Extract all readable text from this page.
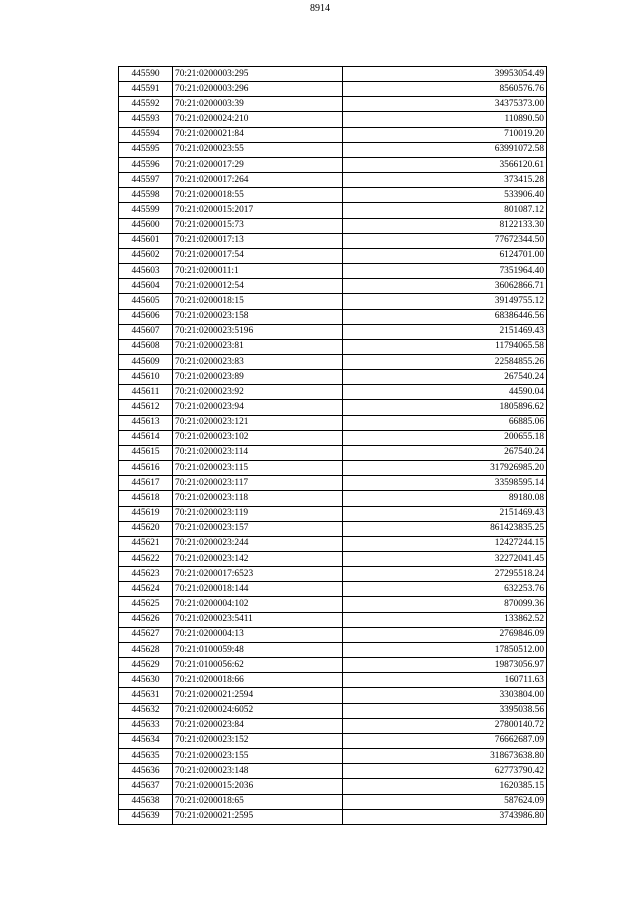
8914
445590	70:21:0200003:295	39953054.49
445591	70:21:0200003:296	8560576.76
445592	70:21:0200003:39	34375373.00
445593	70:21:0200024:210	110890.50
445594	70:21:0200021:84	710019.20
445595	70:21:0200023:55	63991072.58
445596	70:21:0200017:29	3566120.61
445597	70:21:0200017:264	373415.28
445598	70:21:0200018:55	533906.40
445599	70:21:0200015:2017	801087.12
445600	70:21:0200015:73	8122133.30
445601	70:21:0200017:13	77672344.50
445602	70:21:0200017:54	6124701.00
445603	70:21:0200011:1	7351964.40
445604	70:21:0200012:54	36062866.71
445605	70:21:0200018:15	39149755.12
445606	70:21:0200023:158	68386446.56
445607	70:21:0200023:5196	2151469.43
445608	70:21:0200023:81	11794065.58
445609	70:21:0200023:83	22584855.26
445610	70:21:0200023:89	267540.24
445611	70:21:0200023:92	44590.04
445612	70:21:0200023:94	1805896.62
445613	70:21:0200023:121	66885.06
445614	70:21:0200023:102	200655.18
445615	70:21:0200023:114	267540.24
445616	70:21:0200023:115	317926985.20
445617	70:21:0200023:117	33598595.14
445618	70:21:0200023:118	89180.08
445619	70:21:0200023:119	2151469.43
445620	70:21:0200023:157	861423835.25
445621	70:21:0200023:244	12427244.15
445622	70:21:0200023:142	32272041.45
445623	70:21:0200017:6523	27295518.24
445624	70:21:0200018:144	632253.76
445625	70:21:0200004:102	870099.36
445626	70:21:0200023:5411	133862.52
445627	70:21:0200004:13	2769846.09
445628	70:21:0100059:48	17850512.00
445629	70:21:0100056:62	19873056.97
445630	70:21:0200018:66	160711.63
445631	70:21:0200021:2594	3303804.00
445632	70:21:0200024:6052	3395038.56
445633	70:21:0200023:84	27800140.72
445634	70:21:0200023:152	76662687.09
445635	70:21:0200023:155	318673638.80
445636	70:21:0200023:148	62773790.42
445637	70:21:0200015:2036	1620385.15
445638	70:21:0200018:65	587624.09
445639	70:21:0200021:2595	3743986.80
